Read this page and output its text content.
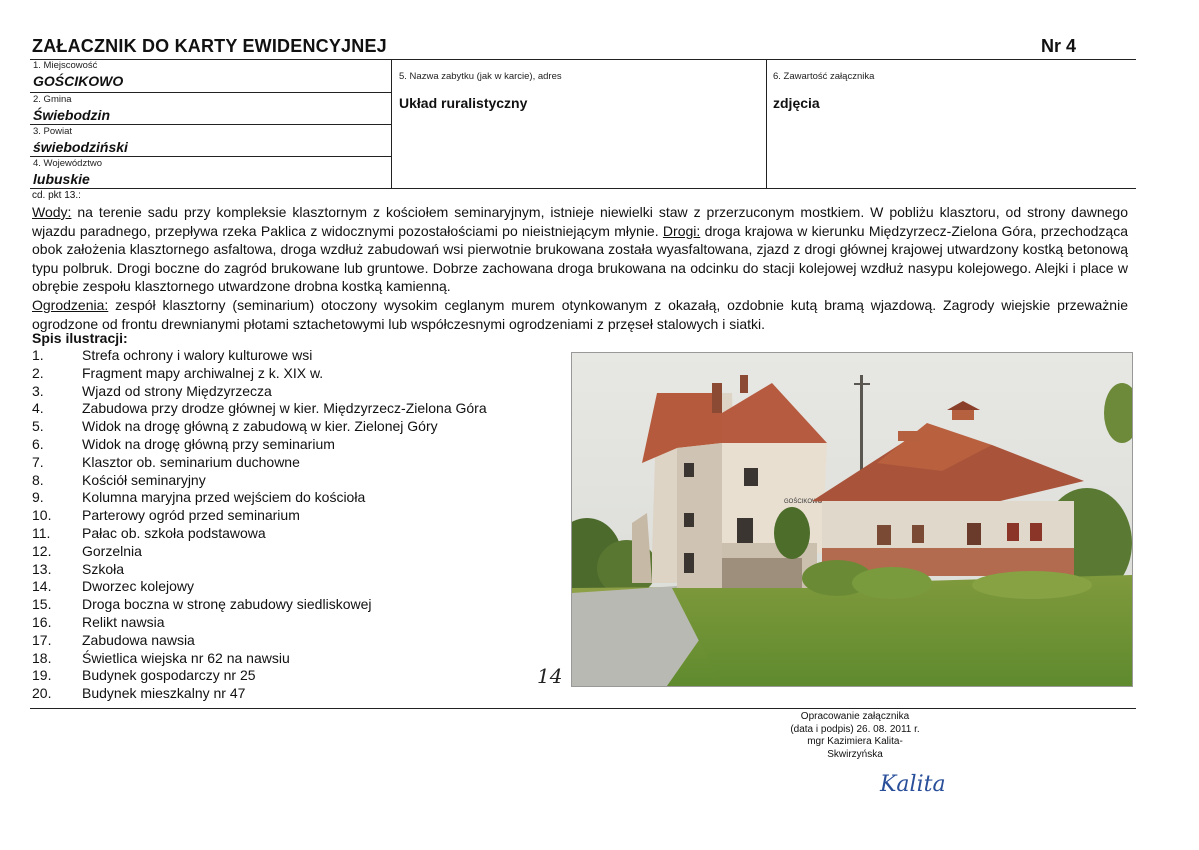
ZAŁACZNIK DO KARTY EWIDENCYJNEJ	Nr 4
1. Miejscowość
GOŚCIKOWO
2. Gmina
Świebodzin
3. Powiat
świebodziński
4. Województwo
lubuskie
5. Nazwa zabytku (jak w karcie), adres
Układ ruralistyczny
6. Zawartość załącznika
zdjęcia
cd. pkt 13.:
Wody: na terenie sadu przy kompleksie klasztornym z kościołem seminaryjnym, istnieje niewielki staw z przerzuconym mostkiem. W pobliżu klasztoru, od strony dawnego wjazdu paradnego, przepływa rzeka Paklica z widocznymi pozostałościami po nieistniejącym młynie. Drogi: droga krajowa w kierunku Międzyrzecz-Zielona Góra, przechodząca obok założenia klasztornego asfaltowa, droga wzdłuż zabudowań wsi pierwotnie brukowana została wyasfaltowana, zjazd z drogi głównej krajowej utwardzony kostką betonową typu polbruk. Drogi boczne do zagród brukowane lub gruntowe. Dobrze zachowana droga brukowana na odcinku do stacji kolejowej wzdłuż nasypu kolejowego. Alejki i place w obrębie zespołu klasztornego utwardzone drobna kostką kamienną.
Ogrodzenia: zespół klasztorny (seminarium) otoczony wysokim ceglanym murem otynkowanym z okazałą, ozdobnie kutą bramą wjazdową. Zagrody wiejskie przeważnie ogrodzone od frontu drewnianymi płotami sztachetowymi lub współczesnymi ogrodzeniami z przęseł stalowych i siatki.
Spis ilustracji:
1.	Strefa ochrony i walory kulturowe wsi
2.	Fragment mapy archiwalnej z k. XIX w.
3.	Wjazd od strony Międzyrzecza
4.	Zabudowa przy drodze głównej w kier. Międzyrzecz-Zielona Góra
5.	Widok na drogę główną z zabudową w kier. Zielonej Góry
6.	Widok na drogę główną przy seminarium
7.	Klasztor ob. seminarium duchowne
8.	Kościół seminaryjny
9.	Kolumna maryjna przed wejściem do kościoła
10. Parterowy ogród przed seminarium
11. Pałac ob. szkoła podstawowa
12. Gorzelnia
13. Szkoła
14. Dworzec kolejowy
15. Droga boczna w stronę zabudowy siedliskowej
16. Relikt nawsia
17. Zabudowa nawsia
18. Świetlica wiejska nr 62 na nawsiu
19. Budynek gospodarczy nr 25
20. Budynek mieszkalny nr 47
GOŚCIKOWO
14
Opracowanie załącznika
(data i podpis) 26. 08. 2011 r.
mgr Kazimiera Kalita-
Skwirzyńska
Kalita
